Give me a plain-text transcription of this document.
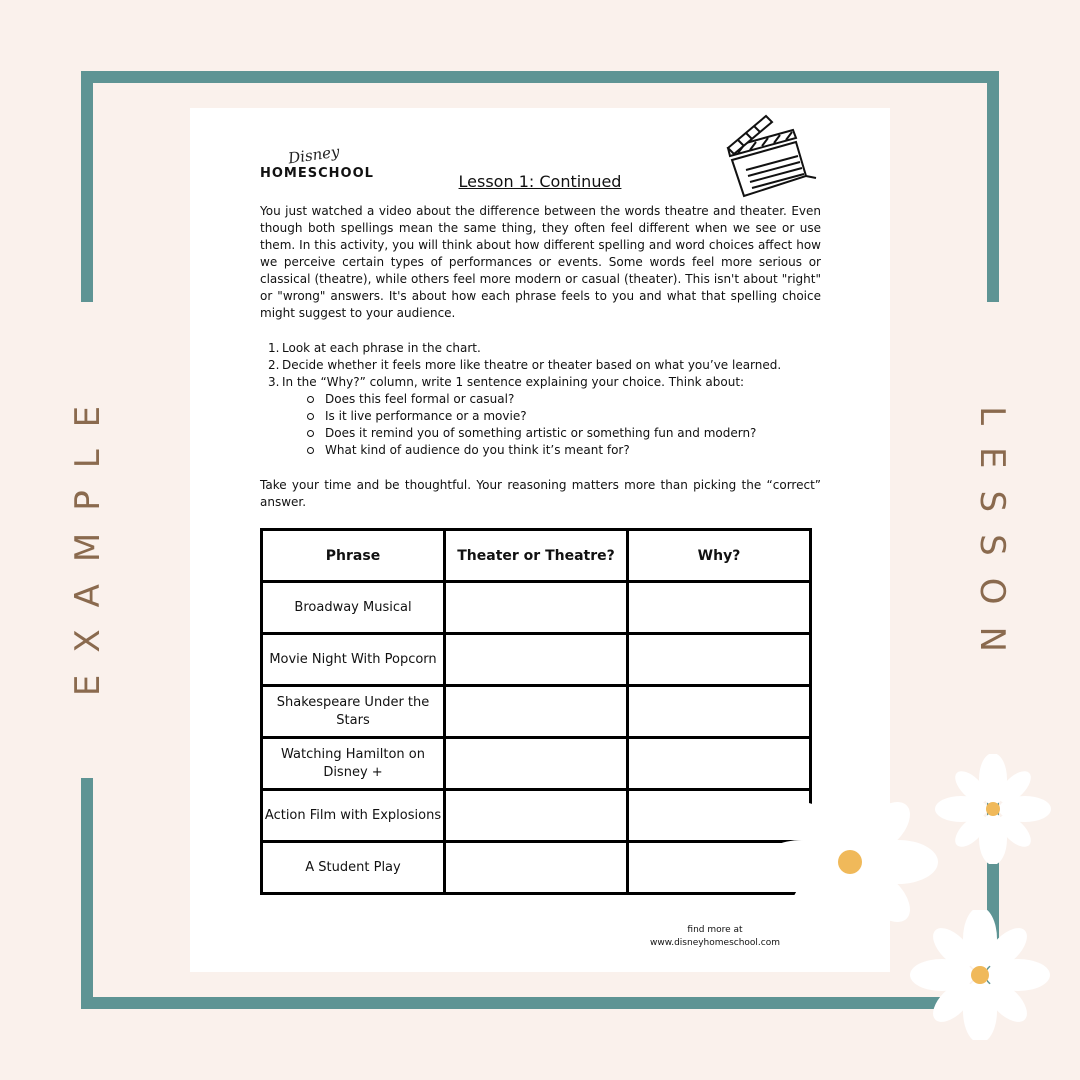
EXAMPLE	LESSON
Disney
HOMESCHOOL	Lesson 1: Continued
You just watched a video about the difference between the words theatre and theater. Even though both spellings mean the same thing, they often feel different when we see or use them. In this activity, you will think about how different spelling and word choices affect how we perceive certain types of performances or events. Some words feel more serious or classical (theatre), while others feel more modern or casual (theater). This isn't about "right" or "wrong" answers. It's about how each phrase feels to you and what that spelling choice might suggest to your audience.
1. Look at each phrase in the chart.
2. Decide whether it feels more like theatre or theater based on what you’ve learned.
3. In the “Why?” column, write 1 sentence explaining your choice. Think about:
Does this feel formal or casual?
Is it live performance or a movie?
Does it remind you of something artistic or something fun and modern?
What kind of audience do you think it’s meant for?
Take your time and be thoughtful. Your reasoning matters more than picking the “correct” answer.
Phrase	Theater or Theatre?	Why?
Broadway Musical		
Movie Night With Popcorn		
Shakespeare Under the Stars		
Watching Hamilton on Disney +		
Action Film with Explosions		
A Student Play		
find more at
www.disneyhomeschool.com
